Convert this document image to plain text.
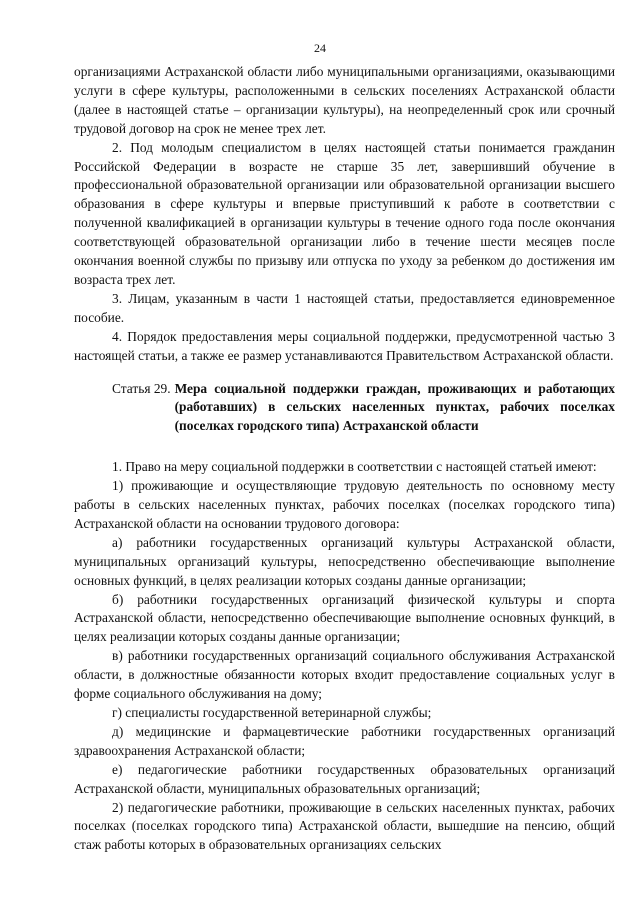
24

организациями Астраханской области либо муниципальными организациями, оказывающими услуги в сфере культуры, расположенными в сельских поселениях Астраханской области (далее в настоящей статье – организации культуры), на неопределенный срок или срочный трудовой договор на срок не менее трех лет.

2. Под молодым специалистом в целях настоящей статьи понимается гражданин Российской Федерации в возрасте не старше 35 лет, завершивший обучение в профессиональной образовательной организации или образовательной организации высшего образования в сфере культуры и впервые приступивший к работе в соответствии с полученной квалификацией в организации культуры в течение одного года после окончания соответствующей образовательной организации либо в течение шести месяцев после окончания военной службы по призыву или отпуска по уходу за ребенком до достижения им возраста трех лет.

3. Лицам, указанным в части 1 настоящей статьи, предоставляется единовременное пособие.

4. Порядок предоставления меры социальной поддержки, предусмотренной частью 3 настоящей статьи, а также ее размер устанавливаются Правительством Астраханской области.

Статья 29. Мера социальной поддержки граждан, проживающих и работающих (работавших) в сельских населенных пунктах, рабочих поселках (поселках городского типа) Астраханской области

1. Право на меру социальной поддержки в соответствии с настоящей статьей имеют:

1) проживающие и осуществляющие трудовую деятельность по основному месту работы в сельских населенных пунктах, рабочих поселках (поселках городского типа) Астраханской области на основании трудового договора:

а) работники государственных организаций культуры Астраханской области, муниципальных организаций культуры, непосредственно обеспечивающие выполнение основных функций, в целях реализации которых созданы данные организации;

б) работники государственных организаций физической культуры и спорта Астраханской области, непосредственно обеспечивающие выполнение основных функций, в целях реализации которых созданы данные организации;

в) работники государственных организаций социального обслуживания Астраханской области, в должностные обязанности которых входит предоставление социальных услуг в форме социального обслуживания на дому;

г) специалисты государственной ветеринарной службы;

д) медицинские и фармацевтические работники государственных организаций здравоохранения Астраханской области;

е) педагогические работники государственных образовательных организаций Астраханской области, муниципальных образовательных организаций;

2) педагогические работники, проживающие в сельских населенных пунктах, рабочих поселках (поселках городского типа) Астраханской области, вышедшие на пенсию, общий стаж работы которых в образовательных организациях сельских
